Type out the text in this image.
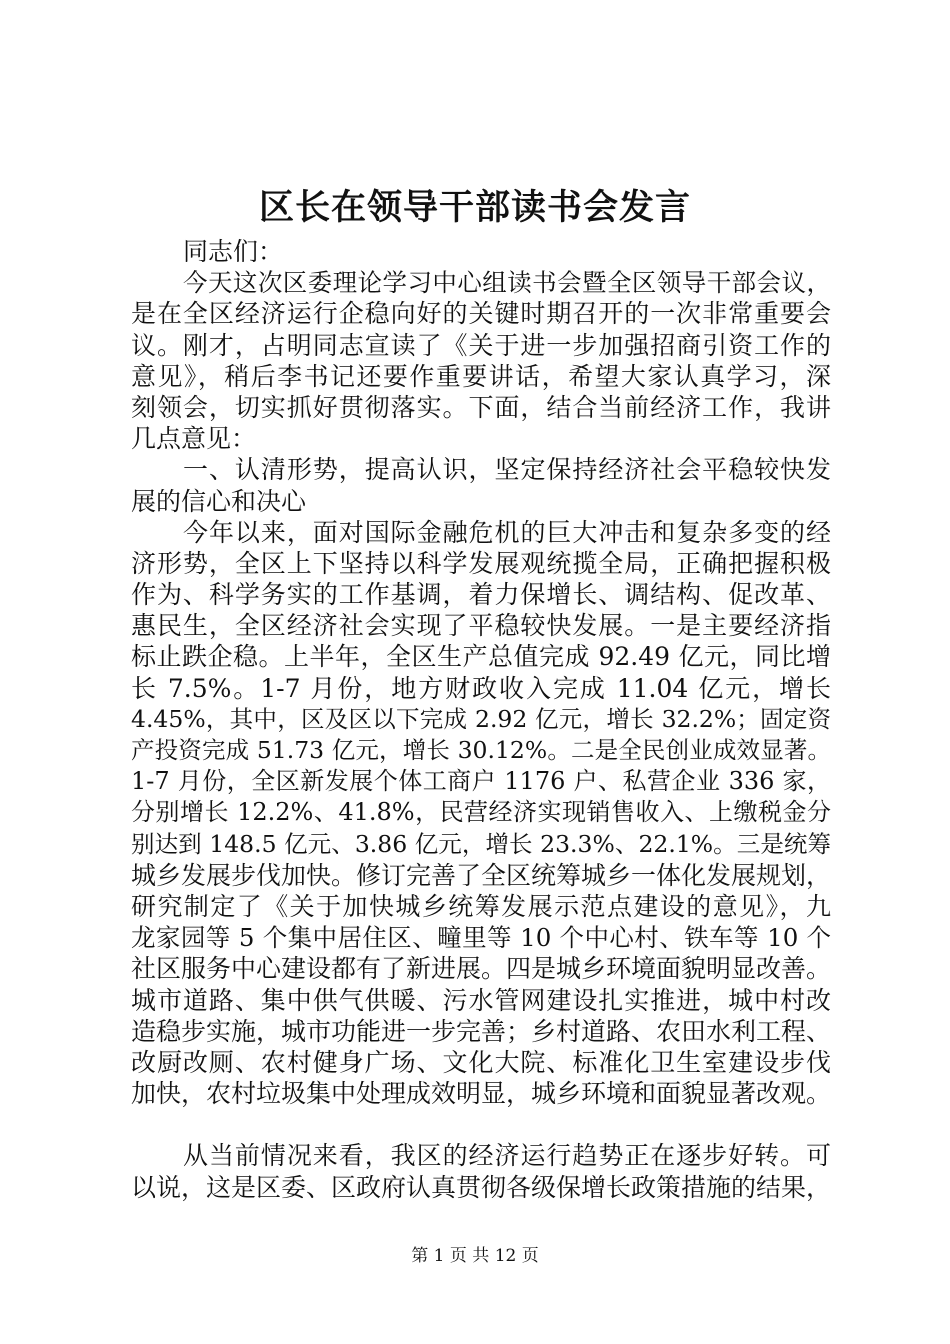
区长在领导干部读书会发言
同志们：
今天这次区委理论学习中心组读书会暨全区领导干部会议，
是在全区经济运行企稳向好的关键时期召开的一次非常重要会
议。刚才，占明同志宣读了《关于进一步加强招商引资工作的
意见》，稍后李书记还要作重要讲话，希望大家认真学习，深
刻领会，切实抓好贯彻落实。下面，结合当前经济工作，我讲
几点意见：
一、认清形势，提高认识，坚定保持经济社会平稳较快发
展的信心和决心
今年以来，面对国际金融危机的巨大冲击和复杂多变的经
济形势，全区上下坚持以科学发展观统揽全局，正确把握积极
作为、科学务实的工作基调，着力保增长、调结构、促改革、
惠民生，全区经济社会实现了平稳较快发展。一是主要经济指
标止跌企稳。上半年，全区生产总值完成 92.49 亿元，同比增
长 7.5%。1-7 月份，地方财政收入完成 11.04 亿元，增长
4.45%，其中，区及区以下完成 2.92 亿元，增长 32.2%；固定资
产投资完成 51.73 亿元，增长 30.12%。二是全民创业成效显著。
1-7 月份，全区新发展个体工商户 1176 户、私营企业 336 家，
分别增长 12.2%、41.8%，民营经济实现销售收入、上缴税金分
别达到 148.5 亿元、3.86 亿元，增长 23.3%、22.1%。三是统筹
城乡发展步伐加快。修订完善了全区统筹城乡一体化发展规划，
研究制定了《关于加快城乡统筹发展示范点建设的意见》，九
龙家园等 5 个集中居住区、疃里等 10 个中心村、铁车等 10 个
社区服务中心建设都有了新进展。四是城乡环境面貌明显改善。
城市道路、集中供气供暖、污水管网建设扎实推进，城中村改
造稳步实施，城市功能进一步完善；乡村道路、农田水利工程、
改厨改厕、农村健身广场、文化大院、标准化卫生室建设步伐
加快，农村垃圾集中处理成效明显，城乡环境和面貌显著改观。
从当前情况来看，我区的经济运行趋势正在逐步好转。可
以说，这是区委、区政府认真贯彻各级保增长政策措施的结果，
第 1 页 共 12 页
